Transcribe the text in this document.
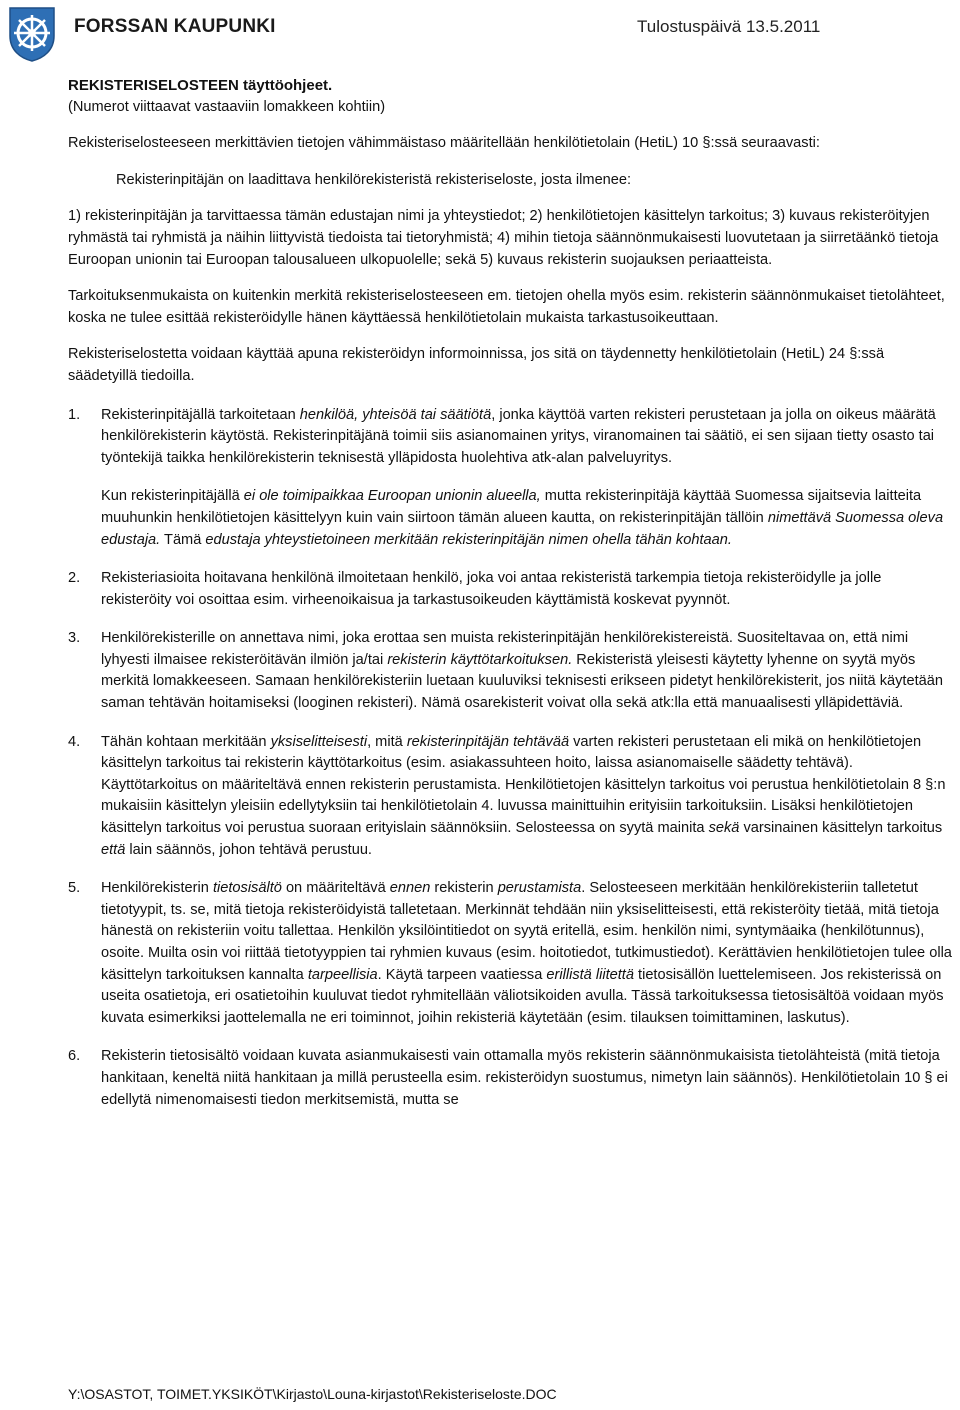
FORSSAN KAUPUNKI	Tulostuspäivä 13.5.2011

REKISTERISELOSTEEN täyttöohjeet.

(Numerot viittaavat vastaaviin lomakkeen kohtiin)

Rekisteriselosteeseen merkittävien tietojen vähimmäistaso määritellään henkilötietolain (HetiL) 10 §:ssä seuraavasti:

Rekisterinpitäjän on laadittava henkilörekisteristä rekisteriseloste, josta ilmenee:

1) rekisterinpitäjän ja tarvittaessa tämän edustajan nimi ja yhteystiedot; 2) henkilötietojen käsittelyn tarkoitus; 3) kuvaus rekisteröityjen ryhmästä tai ryhmistä ja näihin liittyvistä tiedoista tai tietoryhmistä; 4) mihin tietoja säännönmukaisesti luovutetaan ja siirretäänkö tietoja Euroopan unionin tai Euroopan talousalueen ulkopuolelle; sekä 5) kuvaus rekisterin suojauksen periaatteista.

Tarkoituksenmukaista on kuitenkin merkitä rekisteriselosteeseen em. tietojen ohella myös esim. rekisterin säännönmukaiset tietolähteet, koska ne tulee esittää rekisteröidylle hänen käyttäessä henkilötietolain mukaista tarkastusoikeuttaan.

Rekisteriselostetta voidaan käyttää apuna rekisteröidyn informoinnissa, jos sitä on täydennetty henkilötietolain (HetiL) 24 §:ssä säädetyillä tiedoilla.

1. Rekisterinpitäjällä tarkoitetaan henkilöä, yhteisöä tai säätiötä, jonka käyttöä varten rekisteri perustetaan ja jolla on oikeus määrätä henkilörekisterin käytöstä. Rekisterinpitäjänä toimii siis asianomainen yritys, viranomainen tai säätiö, ei sen sijaan tietty osasto tai työntekijä taikka henkilörekisterin teknisestä ylläpidosta huolehtiva atk-alan palveluyritys.

Kun rekisterinpitäjällä ei ole toimipaikkaa Euroopan unionin alueella, mutta rekisterinpitäjä käyttää Suomessa sijaitsevia laitteita muuhunkin henkilötietojen käsittelyyn kuin vain siirtoon tämän alueen kautta, on rekisterinpitäjän tällöin nimettävä Suomessa oleva edustaja. Tämä edustaja yhteystietoineen merkitään rekisterinpitäjän nimen ohella tähän kohtaan.

2. Rekisteriasioita hoitavana henkilönä ilmoitetaan henkilö, joka voi antaa rekisteristä tarkempia tietoja rekisteröidylle ja jolle rekisteröity voi osoittaa esim. virheenoikaisua ja tarkastusoikeuden käyttämistä koskevat pyynnöt.

3. Henkilörekisterille on annettava nimi, joka erottaa sen muista rekisterinpitäjän henkilörekistereistä. Suositeltavaa on, että nimi lyhyesti ilmaisee rekisteröitävän ilmiön ja/tai rekisterin käyttötarkoituksen. Rekisteristä yleisesti käytetty lyhenne on syytä myös merkitä lomakkeeseen. Samaan henkilörekisteriin luetaan kuuluviksi teknisesti erikseen pidetyt henkilörekisterit, jos niitä käytetään saman tehtävän hoitamiseksi (looginen rekisteri). Nämä osarekisterit voivat olla sekä atk:lla että manuaalisesti ylläpidettäviä.

4. Tähän kohtaan merkitään yksiselitteisesti, mitä rekisterinpitäjän tehtävää varten rekisteri perustetaan eli mikä on henkilötietojen käsittelyn tarkoitus tai rekisterin käyttötarkoitus (esim. asiakassuhteen hoito, laissa asianomaiselle säädetty tehtävä). Käyttötarkoitus on määriteltävä ennen rekisterin perustamista. Henkilötietojen käsittelyn tarkoitus voi perustua henkilötietolain 8 §:n mukaisiin käsittelyn yleisiin edellytyksiin tai henkilötietolain 4. luvussa mainittuihin erityisiin tarkoituksiin. Lisäksi henkilötietojen käsittelyn tarkoitus voi perustua suoraan erityislain säännöksiin. Selosteessa on syytä mainita sekä varsinainen käsittelyn tarkoitus että lain säännös, johon tehtävä perustuu.

5. Henkilörekisterin tietosisältö on määriteltävä ennen rekisterin perustamista. Selosteeseen merkitään henkilörekisteriin talletetut tietotyypit, ts. se, mitä tietoja rekisteröidyistä talletetaan. Merkinnät tehdään niin yksiselitteisesti, että rekisteröity tietää, mitä tietoja hänestä on rekisteriin voitu tallettaa. Henkilön yksilöintitiedot on syytä eritellä, esim. henkilön nimi, syntymäaika (henkilötunnus), osoite. Muilta osin voi riittää tietotyyppien tai ryhmien kuvaus (esim. hoitotiedot, tutkimustiedot). Kerättävien henkilötietojen tulee olla käsittelyn tarkoituksen kannalta tarpeellisia. Käytä tarpeen vaatiessa erillistä liitettä tietosisällön luettelemiseen. Jos rekisterissä on useita osatietoja, eri osatietoihin kuuluvat tiedot ryhmitellään väliotsikoiden avulla. Tässä tarkoituksessa tietosisältöä voidaan myös kuvata esimerkiksi jaottelemalla ne eri toiminnot, joihin rekisteriä käytetään (esim. tilauksen toimittaminen, laskutus).

6. Rekisterin tietosisältö voidaan kuvata asianmukaisesti vain ottamalla myös rekisterin säännönmukaisista tietolähteistä (mitä tietoja hankitaan, keneltä niitä hankitaan ja millä perusteella esim. rekisteröidyn suostumus, nimetyn lain säännös). Henkilötietolain 10 § ei edellytä nimenomaisesti tiedon merkitsemistä, mutta se

Y:\OSASTOT, TOIMET.YKSIKÖT\Kirjasto\Louna-kirjastot\Rekisteriseloste.DOC
